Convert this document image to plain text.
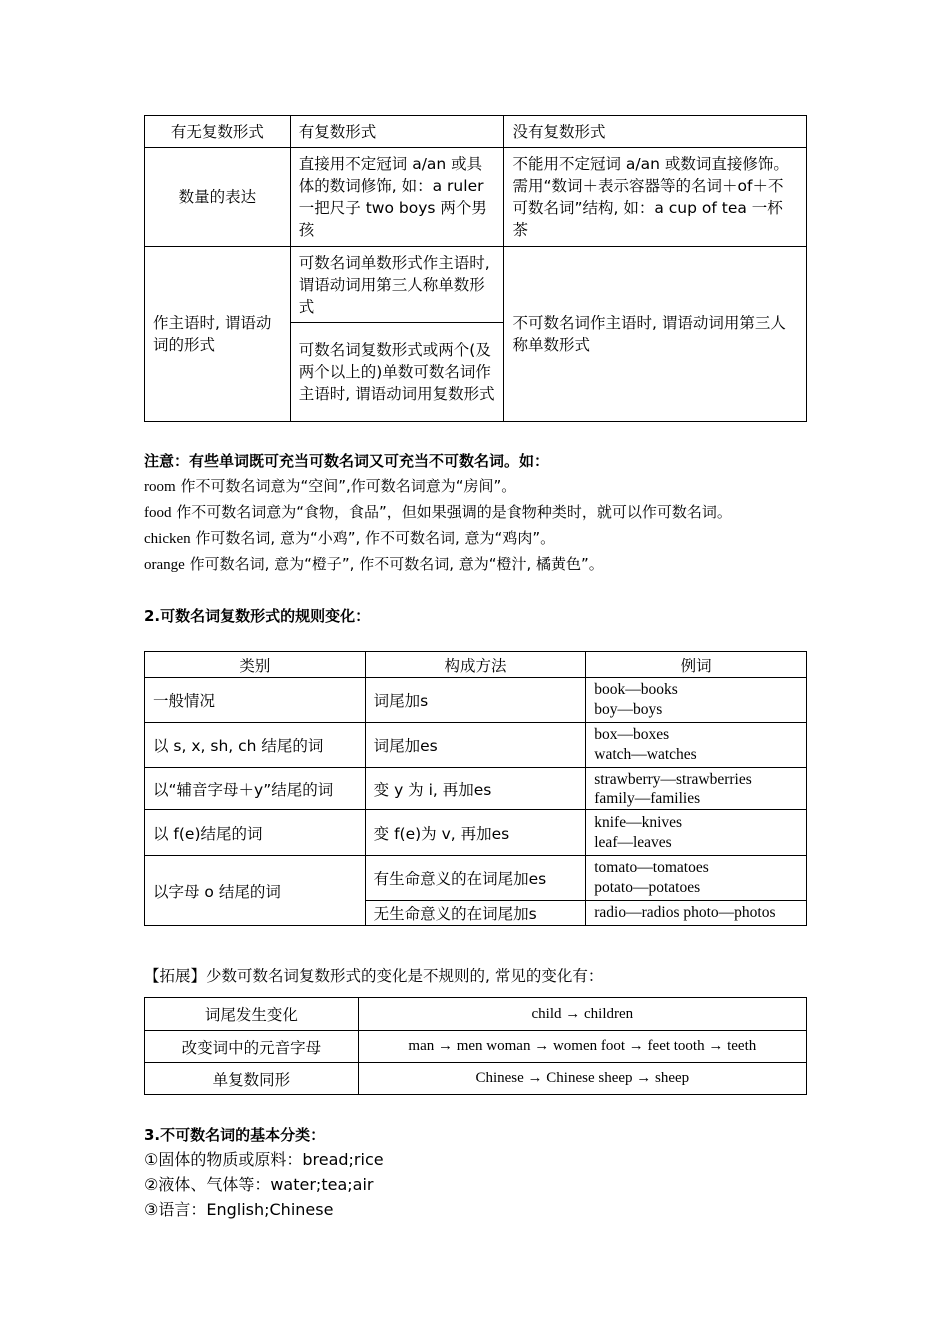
有无复数形式	有复数形式	没有复数形式
数量的表达	直接用不定冠词 a/an 或具体的数词修饰, 如：a ruler 一把尺子 two boys 两个男孩	不能用不定冠词 a/an 或数词直接修饰。需用“数词＋表示容器等的名词＋of＋不可数名词”结构, 如：a cup of tea 一杯茶
作主语时, 谓语动词的形式	可数名词单数形式作主语时, 谓语动词用第三人称单数形式	不可数名词作主语时, 谓语动词用第三人称单数形式
	可数名词复数形式或两个(及两个以上的)单数可数名词作主语时, 谓语动词用复数形式	
注意：有些单词既可充当可数名词又可充当不可数名词。如：
room 作不可数名词意为“空间”,作可数名词意为“房间”。
food 作不可数名词意为“食物，食品”，但如果强调的是食物种类时，就可以作可数名词。
chicken 作可数名词, 意为“小鸡”, 作不可数名词, 意为“鸡肉”。
orange 作可数名词, 意为“橙子”, 作不可数名词, 意为“橙汁, 橘黄色”。
2.可数名词复数形式的规则变化：
类别	构成方法	例词
一般情况	词尾加s	book—books
boy—boys

以 s, x, sh, ch 结尾的词	词尾加es	box—boxes
watch—watches

以“辅音字母＋y”结尾的词	变 y 为 i, 再加es	strawberry—strawberries
family—families

以 f(e)结尾的词	变 f(e)为 v, 再加es	knife—knives
leaf—leaves

以字母 o 结尾的词	有生命意义的在词尾加es	tomato—tomatoes
potato—potatoes

	无生命意义的在词尾加s	radio—radios photo—photos
【拓展】少数可数名词复数形式的变化是不规则的, 常见的变化有：
词尾发生变化	child → children
改变词中的元音字母	man → men woman → women foot → feet tooth → teeth
单复数同形	Chinese → Chinese sheep → sheep
3.不可数名词的基本分类：
①固体的物质或原料：bread;rice
②液体、气体等：water;tea;air
③语言：English;Chinese
